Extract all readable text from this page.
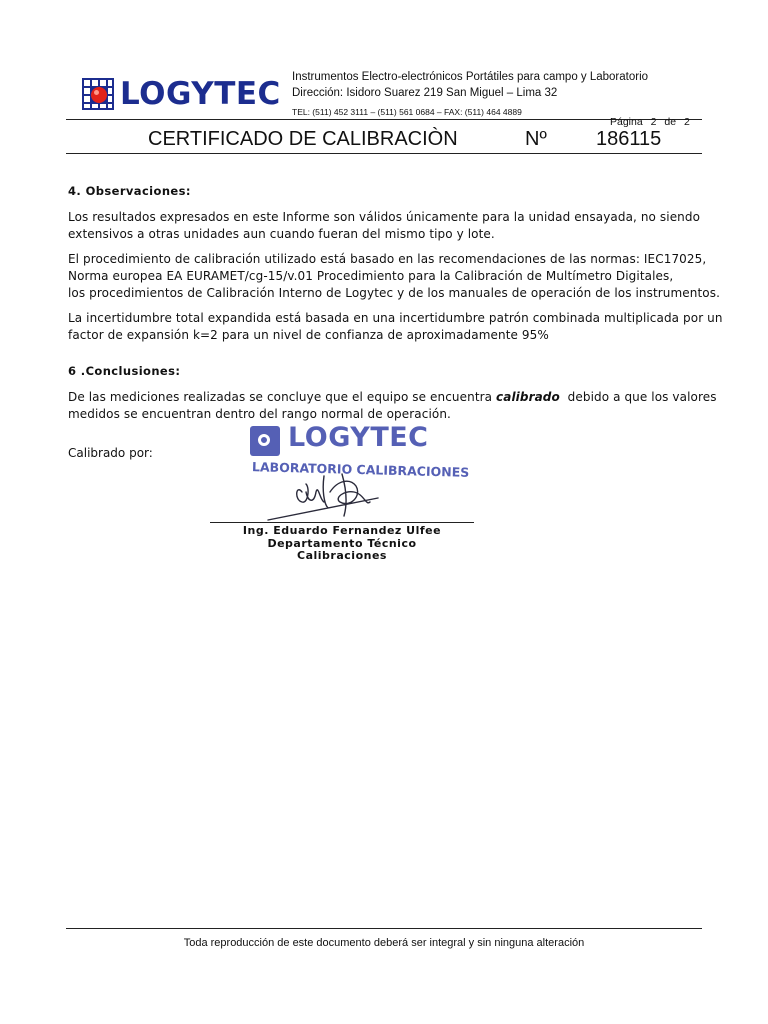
LOGYTEC Instrumentos Electro-electrónicos Portátiles para campo y Laboratorio
Dirección: Isidoro Suarez 219 San Miguel – Lima 32
TEL: (511) 452 3111 – (511) 561 0684 – FAX: (511) 464 4889
Página 2 de 2
CERTIFICADO DE CALIBRACIÒN	Nº 186115
4. Observaciones:
Los resultados expresados en este Informe son válidos únicamente para la unidad ensayada, no siendo
extensivos a otras unidades aun cuando fueran del mismo tipo y lote.
El procedimiento de calibración utilizado está basado en las recomendaciones de las normas: IEC17025,
Norma europea EA EURAMET/cg-15/v.01 Procedimiento para la Calibración de Multímetro Digitales,
los procedimientos de Calibración Interno de Logytec y de los manuales de operación de los instrumentos.
La incertidumbre total expandida está basada en una incertidumbre patrón combinada multiplicada por un
factor de expansión k=2 para un nivel de confianza de aproximadamente 95%
6 .Conclusiones:
De las mediciones realizadas se concluye que el equipo se encuentra calibrado  debido a que los valores
medidos se encuentran dentro del rango normal de operación.
Calibrado por:	LOGYTEC
LABORATORIO CALIBRACIONES
Ing. Eduardo Fernandez Ulfee
Departamento Técnico
Calibraciones
Toda reproducción de este documento deberá ser integral y sin ninguna alteración
